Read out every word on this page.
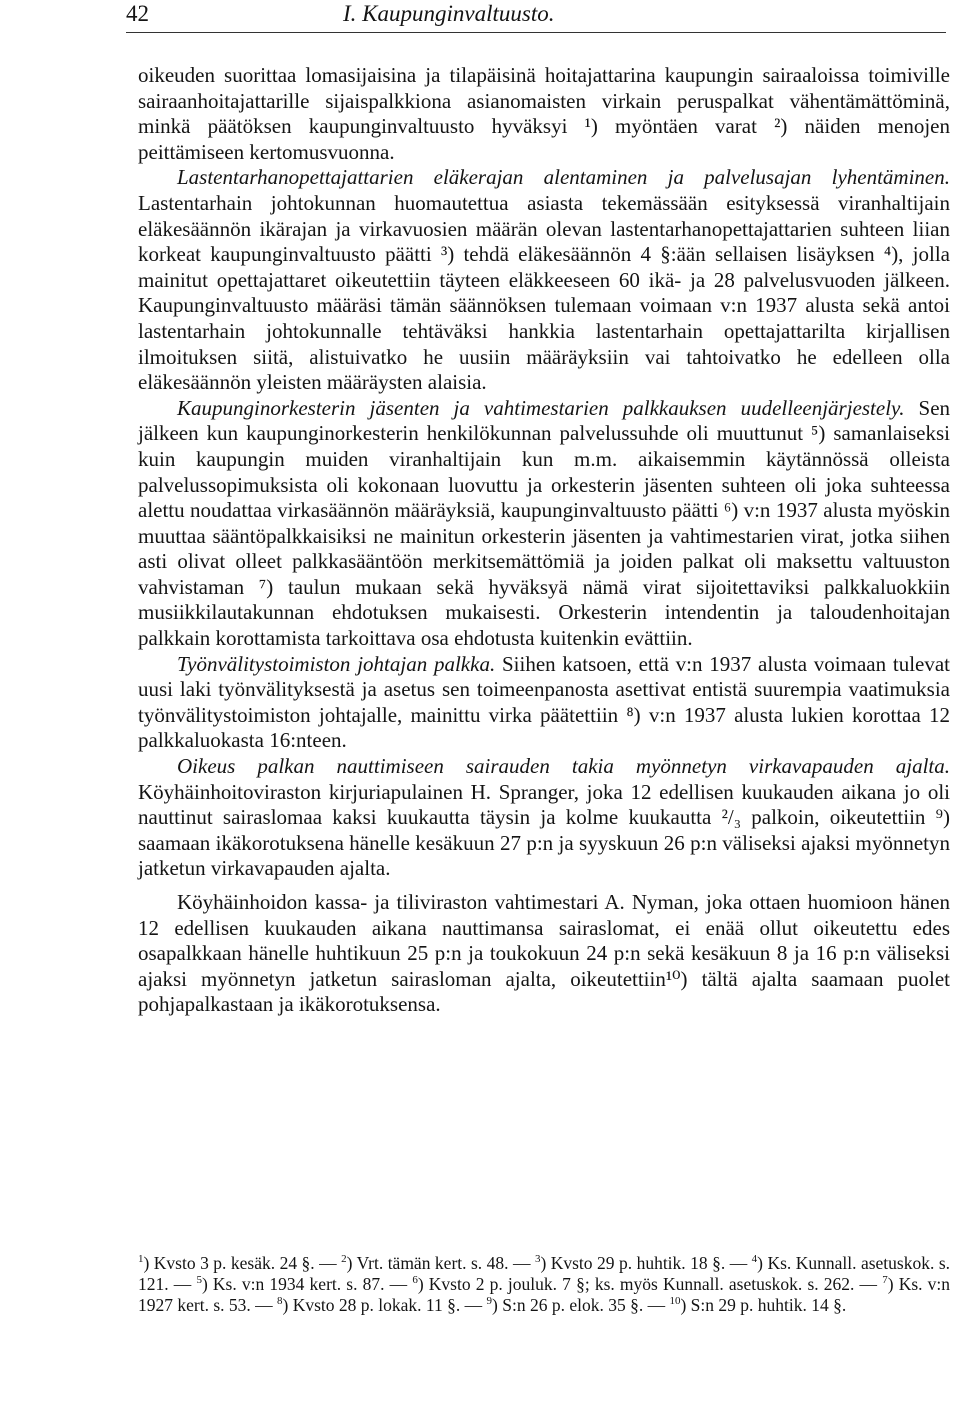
42	I. Kaupunginvaltuusto.

oikeuden suorittaa lomasijaisina ja tilapäisinä hoitajattarina kaupungin sairaaloissa toimiville sairaanhoitajattarille sijaispalkkiona asianomaisten virkain peruspalkat vähentämättöminä, minkä päätöksen kaupunginvaltuusto hyväksyi ¹) myöntäen varat ²) näiden menojen peittämiseen kertomusvuonna.

Lastentarhanopettajattarien eläkerajan alentaminen ja palvelusajan lyhentäminen. Lastentarhain johtokunnan huomautettua asiasta tekemässään esityksessä viranhaltijain eläkesäännön ikärajan ja virkavuosien määrän olevan lastentarhanopettajattarien suhteen liian korkeat kaupunginvaltuusto päätti ³) tehdä eläkesäännön 4 §:ään sellaisen lisäyksen ⁴), jolla mainitut opettajattaret oikeutettiin täyteen eläkkeeseen 60 ikä- ja 28 palvelusvuoden jälkeen. Kaupunginvaltuusto määräsi tämän säännöksen tulemaan voimaan v:n 1937 alusta sekä antoi lastentarhain johtokunnalle tehtäväksi hankkia lastentarhain opettajattarilta kirjallisen ilmoituksen siitä, alistuivatko he uusiin määräyksiin vai tahtoivatko he edelleen olla eläkesäännön yleisten määräysten alaisia.

Kaupunginorkesterin jäsenten ja vahtimestarien palkkauksen uudelleenjärjestely. Sen jälkeen kun kaupunginorkesterin henkilökunnan palvelussuhde oli muuttunut ⁵) samanlaiseksi kuin kaupungin muiden viranhaltijain kun m.m. aikaisemmin käytännössä olleista palvelussopimuksista oli kokonaan luovuttu ja orkesterin jäsenten suhteen oli joka suhteessa alettu noudattaa virkasäännön määräyksiä, kaupunginvaltuusto päätti ⁶) v:n 1937 alusta myöskin muuttaa sääntöpalkkaisiksi ne mainitun orkesterin jäsenten ja vahtimestarien virat, jotka siihen asti olivat olleet palkkasääntöön merkitsemättömiä ja joiden palkat oli maksettu valtuuston vahvistaman ⁷) taulun mukaan sekä hyväksyä nämä virat sijoitettaviksi palkkaluokkiin musiikkilautakunnan ehdotuksen mukaisesti. Orkesterin intendentin ja taloudenhoitajan palkkain korottamista tarkoittava osa ehdotusta kuitenkin evättiin.

Työnvälitystoimiston johtajan palkka. Siihen katsoen, että v:n 1937 alusta voimaan tulevat uusi laki työnvälityksestä ja asetus sen toimeenpanosta asettivat entistä suurempia vaatimuksia työnvälitystoimiston johtajalle, mainittu virka päätettiin ⁸) v:n 1937 alusta lukien korottaa 12 palkkaluokasta 16:nteen.

Oikeus palkan nauttimiseen sairauden takia myönnetyn virkavapauden ajalta. Köyhäinhoitoviraston kirjuriapulainen H. Spranger, joka 12 edellisen kuukauden aikana jo oli nauttinut sairaslomaa kaksi kuukautta täysin ja kolme kuukautta ²/₃ palkoin, oikeutettiin ⁹) saamaan ikäkorotuksena hänelle kesäkuun 27 p:n ja syyskuun 26 p:n väliseksi ajaksi myönnetyn jatketun virkavapauden ajalta.

Köyhäinhoidon kassa- ja tiliviraston vahtimestari A. Nyman, joka ottaen huomioon hänen 12 edellisen kuukauden aikana nauttimansa sairaslomat, ei enää ollut oikeutettu edes osapalkkaan hänelle huhtikuun 25 p:n ja toukokuun 24 p:n sekä kesäkuun 8 ja 16 p:n väliseksi ajaksi myönnetyn jatketun sairasloman ajalta, oikeutettiin¹⁰) tältä ajalta saamaan puolet pohjapalkastaan ja ikäkorotuksensa.

$^1$) Kvsto 3 p. kesäk. 24 §. — $^2$) Vrt. tämän kert. s. 48. — $^3$) Kvsto 29 p. huhtik. 18 §. — $^4$) Ks. Kunnall. asetuskok. s. 121. — $^5$) Ks. v:n 1934 kert. s. 87. — $^6$) Kvsto 2 p. jouluk. 7 §; ks. myös Kunnall. asetuskok. s. 262. — $^7$) Ks. v:n 1927 kert. s. 53. — $^8$) Kvsto 28 p. lokak. 11 §. — $^9$) S:n 26 p. elok. 35 §. — $^{10}$) S:n 29 p. huhtik. 14 §.
